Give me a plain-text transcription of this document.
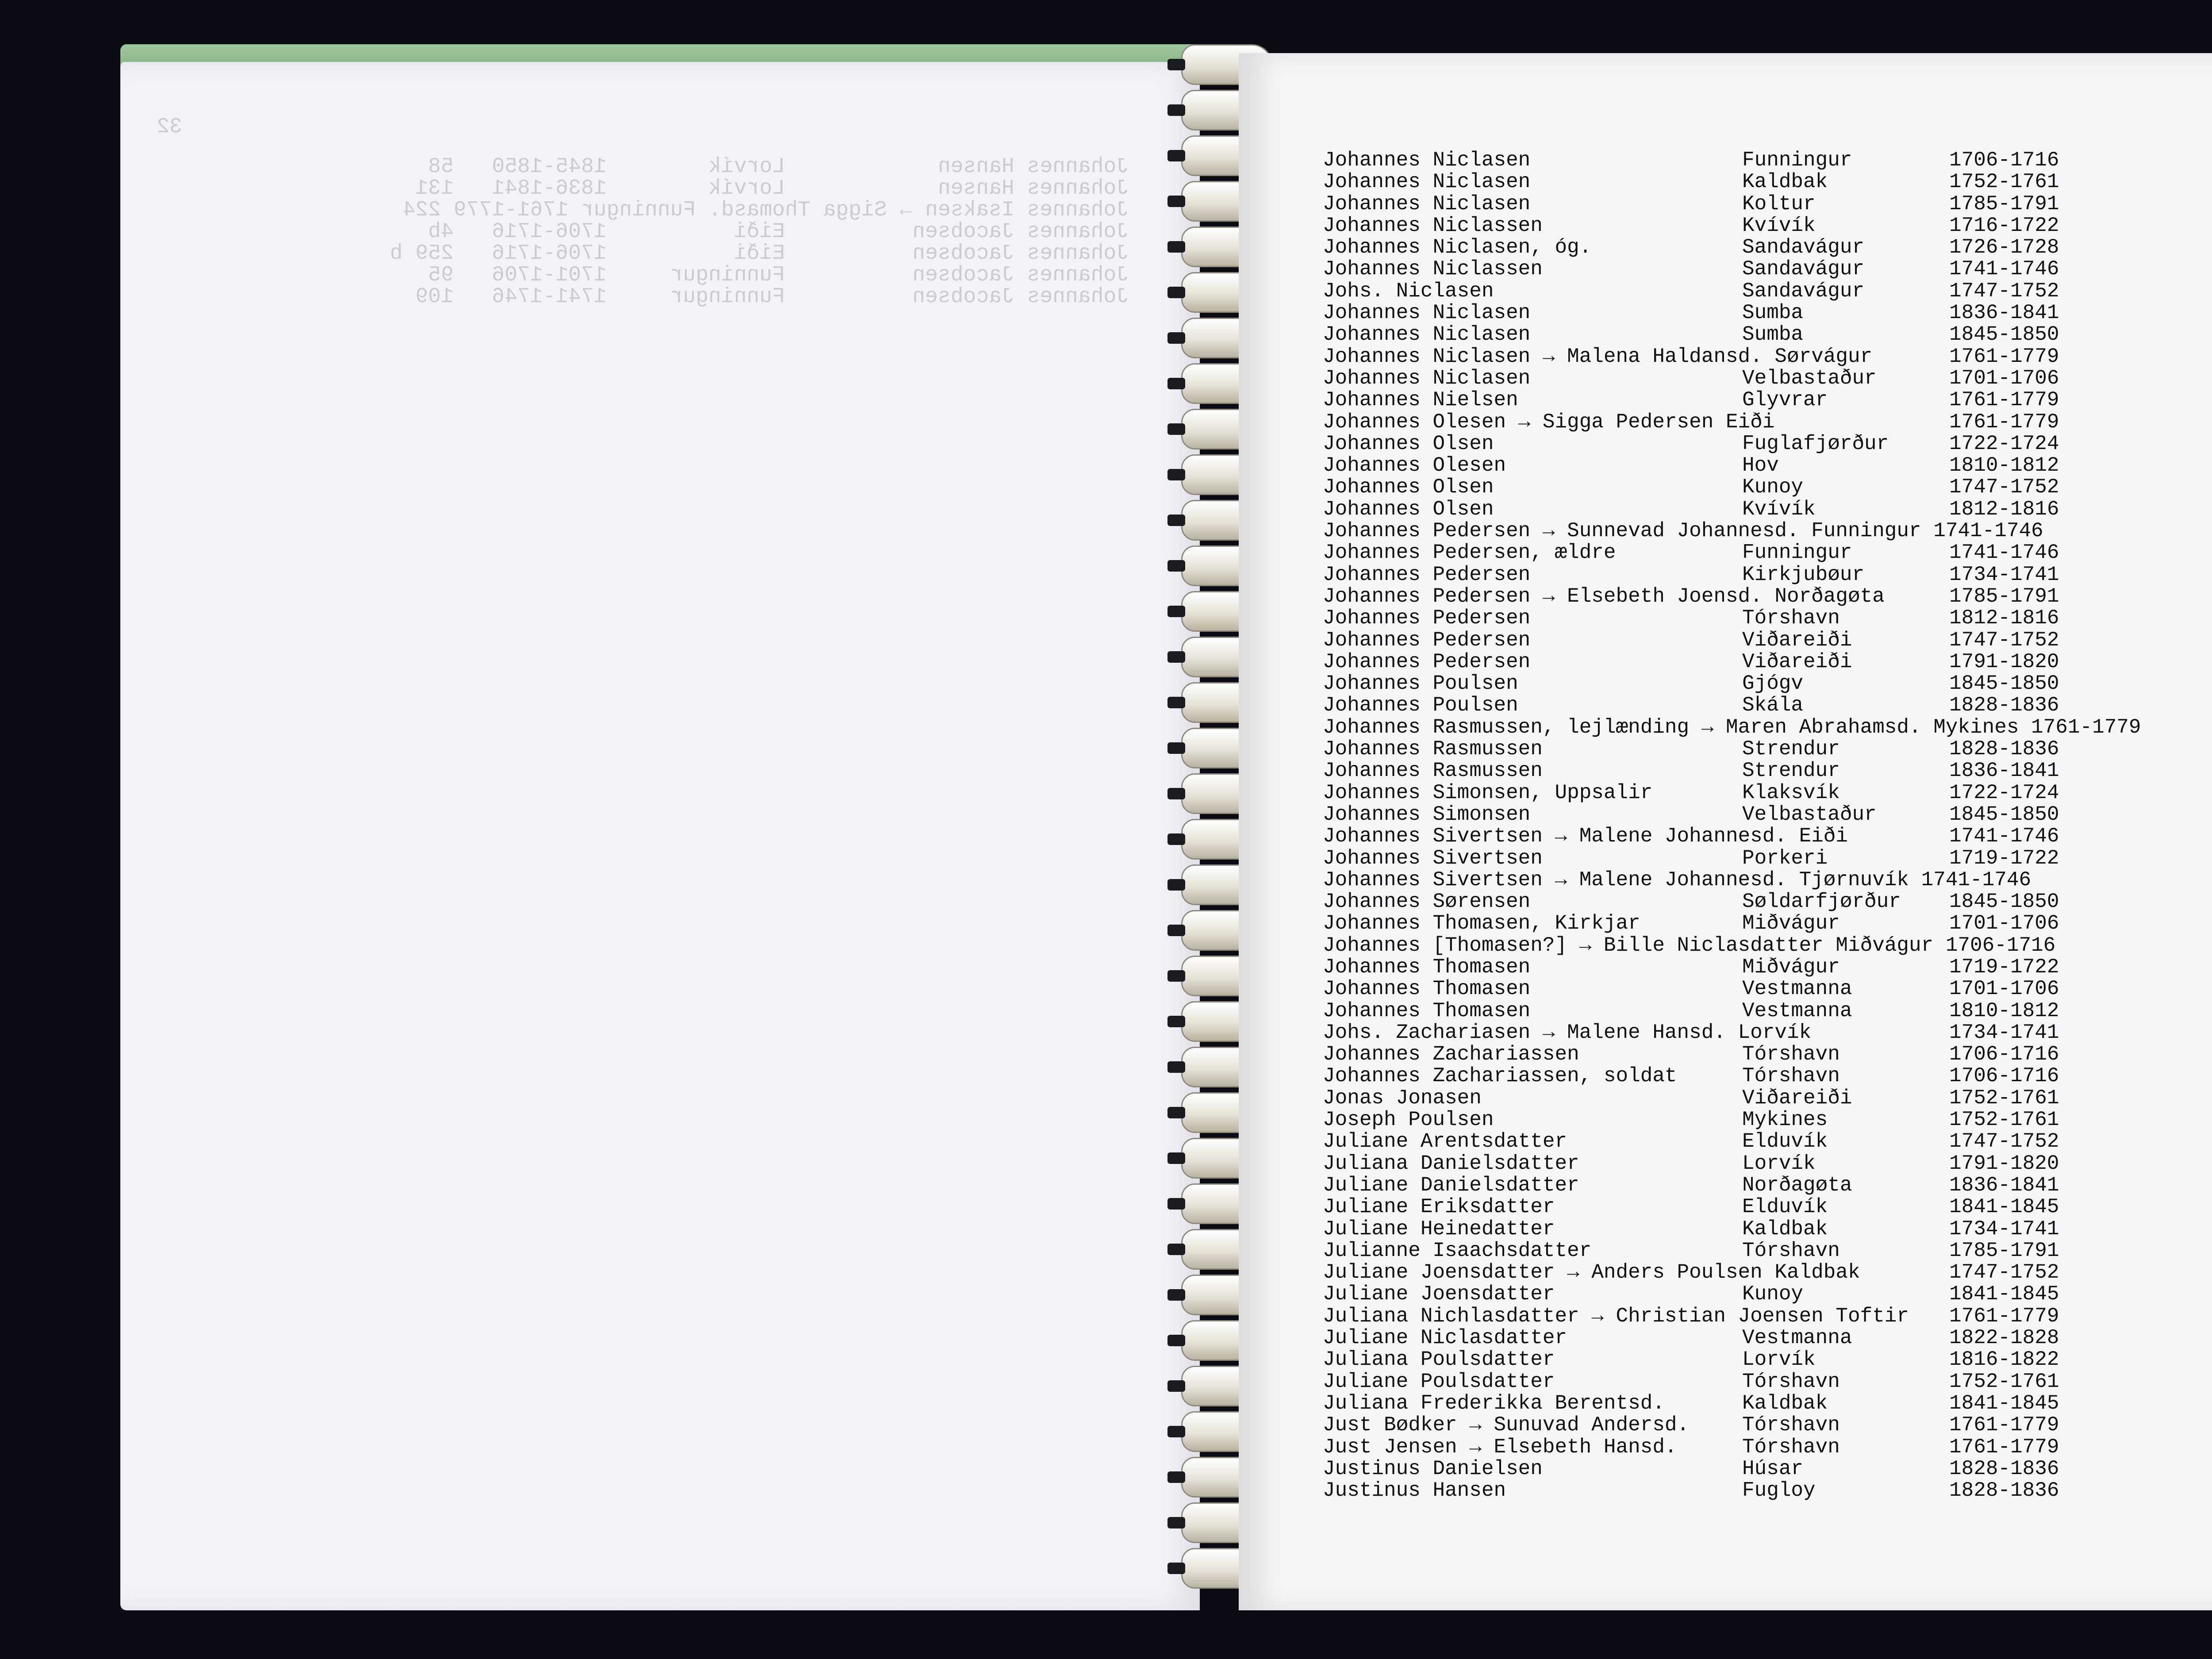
32
Johannes Hansen            Lorvík        1845-1850   58
Johannes Hansen            Lorvík        1836-1841   131
Johannes Isaksen → Sigga Thomasd. Funningur 1761-1779 224
Johannes Jacobsen          Eiði          1706-1716   4b
Johannes Jacobsen          Eiði          1706-1716   259 b
Johannes Jacobsen          Funningur     1701-1706   95
Johannes Jacobsen          Funningur     1741-1746   109
Johannes Niclasen	Funningur	1706-1716
Johannes Niclasen	Kaldbak	1752-1761
Johannes Niclasen	Koltur	1785-1791
Johannes Niclassen	Kvívík	1716-1722
Johannes Niclasen, óg.	Sandavágur	1726-1728
Johannes Niclassen	Sandavágur	1741-1746
Johs. Niclasen	Sandavágur	1747-1752
Johannes Niclasen	Sumba	1836-1841
Johannes Niclasen	Sumba	1845-1850
Johannes Niclasen → Malena Haldansd. Sørvágur	1761-1779
Johannes Niclasen	Velbastaður	1701-1706
Johannes Nielsen	Glyvrar	1761-1779
Johannes Olesen → Sigga Pedersen Eiði	1761-1779
Johannes Olsen	Fuglafjørður	1722-1724
Johannes Olesen	Hov	1810-1812
Johannes Olsen	Kunoy	1747-1752
Johannes Olsen	Kvívík	1812-1816
Johannes Pedersen → Sunnevad Johannesd. Funningur 1741-1746
Johannes Pedersen, ældre	Funningur	1741-1746
Johannes Pedersen	Kirkjubøur	1734-1741
Johannes Pedersen → Elsebeth Joensd. Norðagøta	1785-1791
Johannes Pedersen	Tórshavn	1812-1816
Johannes Pedersen	Viðareiði	1747-1752
Johannes Pedersen	Viðareiði	1791-1820
Johannes Poulsen	Gjógv	1845-1850
Johannes Poulsen	Skála	1828-1836
Johannes Rasmussen, lejlænding → Maren Abrahamsd. Mykines 1761-1779
Johannes Rasmussen	Strendur	1828-1836
Johannes Rasmussen	Strendur	1836-1841
Johannes Simonsen, Uppsalir	Klaksvík	1722-1724
Johannes Simonsen	Velbastaður	1845-1850
Johannes Sivertsen → Malene Johannesd. Eiði	1741-1746
Johannes Sivertsen	Porkeri	1719-1722
Johannes Sivertsen → Malene Johannesd. Tjørnuvík 1741-1746
Johannes Sørensen	Søldarfjørður 1845-1850
Johannes Thomasen, Kirkjar	Miðvágur	1701-1706
Johannes [Thomasen?] → Bille Niclasdatter Miðvágur 1706-1716
Johannes Thomasen	Miðvágur	1719-1722
Johannes Thomasen	Vestmanna	1701-1706
Johannes Thomasen	Vestmanna	1810-1812
Johs. Zachariasen → Malene Hansd. Lorvík	1734-1741
Johannes Zachariassen	Tórshavn	1706-1716
Johannes Zachariassen, soldat	Tórshavn	1706-1716
Jonas Jonasen	Viðareiði	1752-1761
Joseph Poulsen	Mykines	1752-1761
Juliane Arentsdatter	Elduvík	1747-1752
Juliana Danielsdatter	Lorvík	1791-1820
Juliane Danielsdatter	Norðagøta	1836-1841
Juliane Eriksdatter	Elduvík	1841-1845
Juliane Heinedatter	Kaldbak	1734-1741
Julianne Isaachsdatter	Tórshavn	1785-1791
Juliane Joensdatter → Anders Poulsen Kaldbak	1747-1752
Juliane Joensdatter	Kunoy	1841-1845
Juliana Nichlasdatter → Christian Joensen Toftir 1761-1779
Juliane Niclasdatter	Vestmanna	1822-1828
Juliana Poulsdatter	Lorvík	1816-1822
Juliane Poulsdatter	Tórshavn	1752-1761
Juliana Frederikka Berentsd.	Kaldbak	1841-1845
Just Bødker → Sunuvad Andersd.	Tórshavn	1761-1779
Just Jensen → Elsebeth Hansd.	Tórshavn	1761-1779
Justinus Danielsen	Húsar	1828-1836
Justinus Hansen	Fugloy	1828-1836
